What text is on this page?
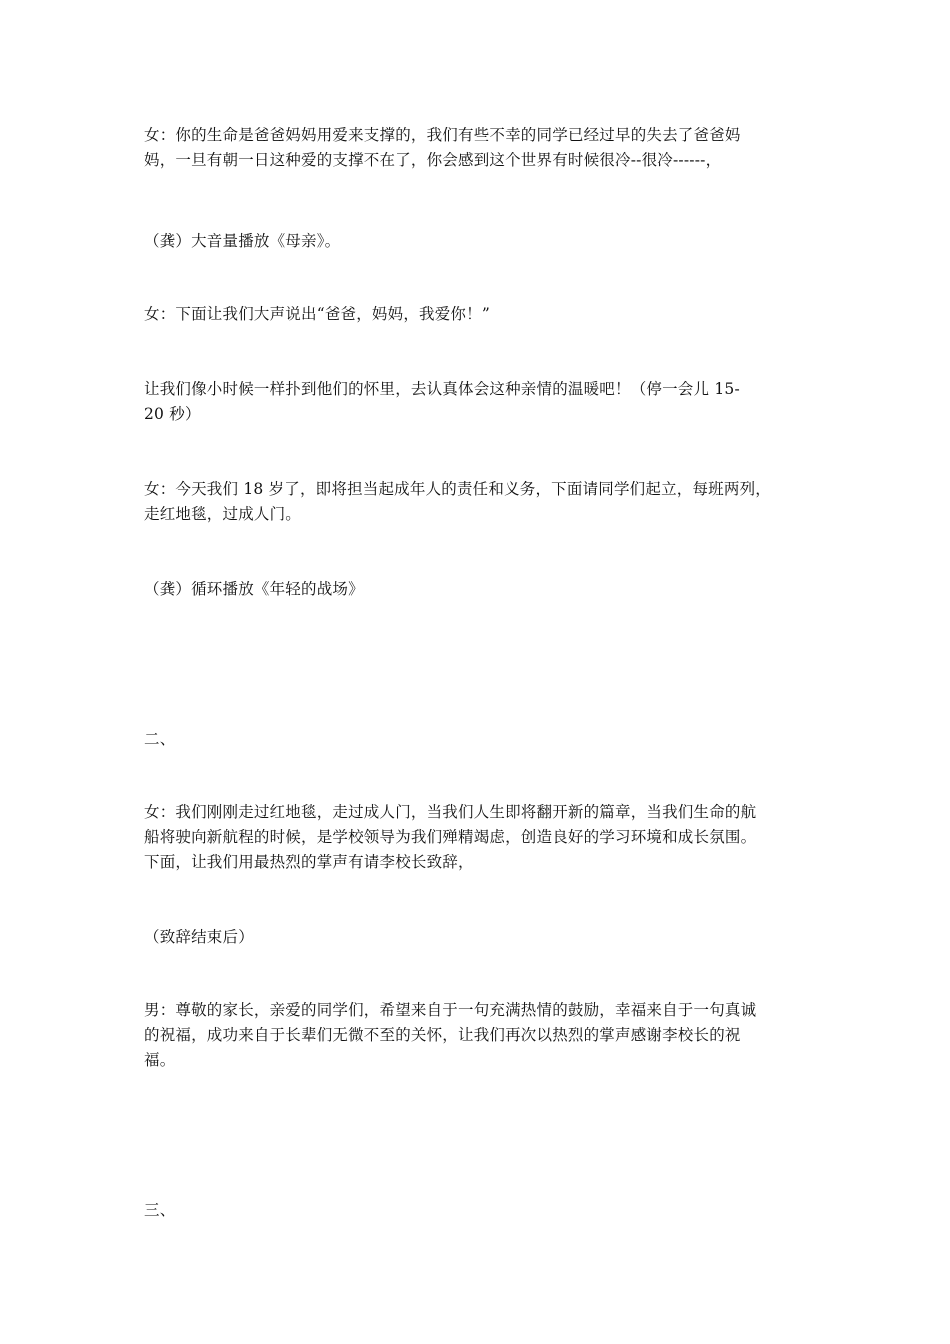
女：你的生命是爸爸妈妈用爱来支撑的，我们有些不幸的同学已经过早的失去了爸爸妈
妈，一旦有朝一日这种爱的支撑不在了，你会感到这个世界有时候很冷--很冷------，

（龚）大音量播放《母亲》。

女：下面让我们大声说出“爸爸，妈妈，我爱你！”

让我们像小时候一样扑到他们的怀里，去认真体会这种亲情的温暖吧！（停一会儿 15-
20 秒）

女：今天我们 18 岁了，即将担当起成年人的责任和义务，下面请同学们起立，每班两列，
走红地毯，过成人门。

（龚）循环播放《年轻的战场》

二、

女：我们刚刚走过红地毯，走过成人门，当我们人生即将翻开新的篇章，当我们生命的航
船将驶向新航程的时候，是学校领导为我们殚精竭虑，创造良好的学习环境和成长氛围。
下面，让我们用最热烈的掌声有请李校长致辞，

（致辞结束后）

男：尊敬的家长，亲爱的同学们，希望来自于一句充满热情的鼓励，幸福来自于一句真诚
的祝福，成功来自于长辈们无微不至的关怀，让我们再次以热烈的掌声感谢李校长的祝
福。

三、
